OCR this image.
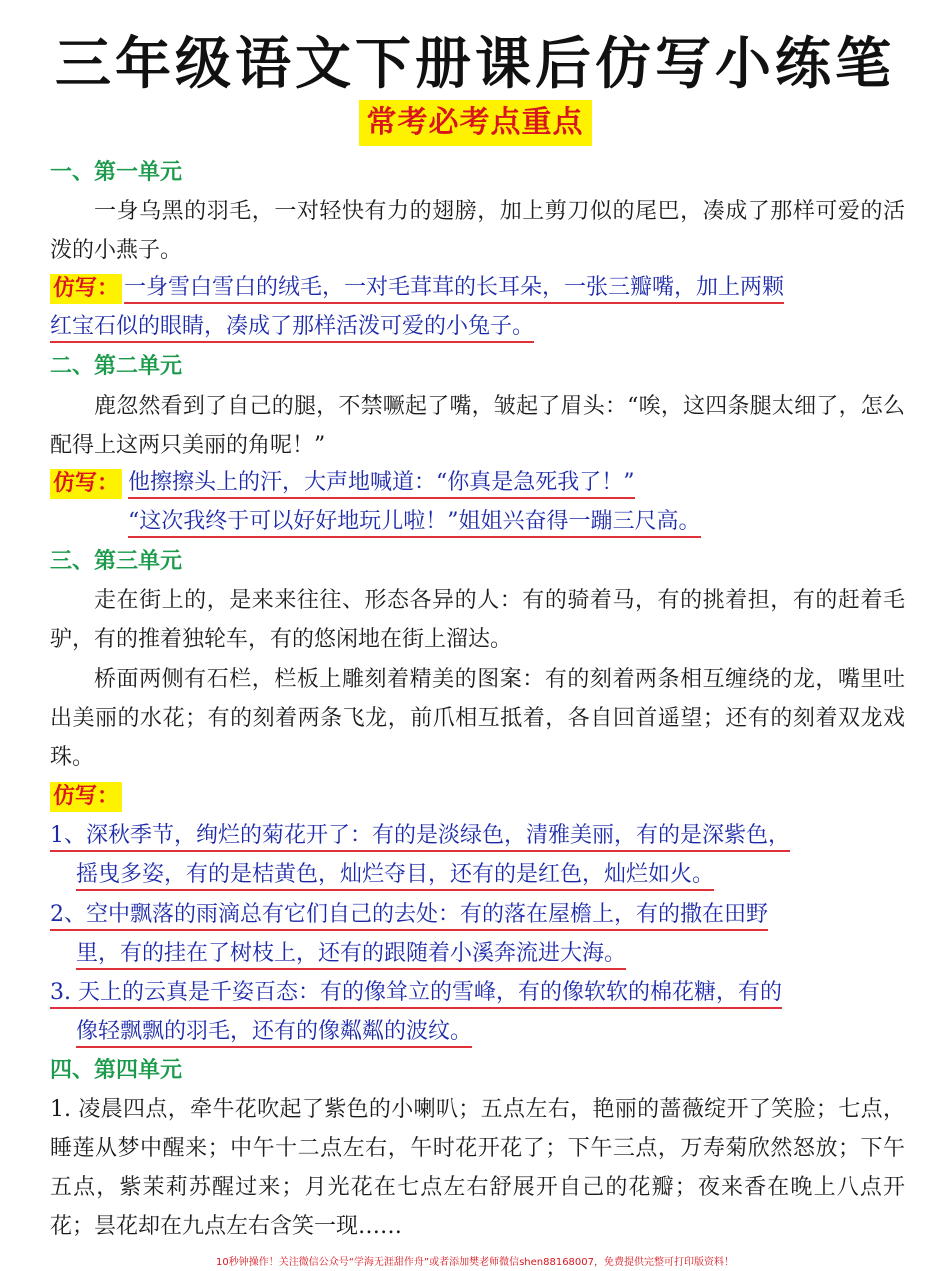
三年级语文下册课后仿写小练笔
常考必考点重点
一、第一单元
一身乌黑的羽毛，一对轻快有力的翅膀，加上剪刀似的尾巴，凑成了那样可爱的活泼的小燕子。
仿写： 一身雪白雪白的绒毛，一对毛茸茸的长耳朵，一张三瓣嘴，加上两颗
红宝石似的眼睛，凑成了那样活泼可爱的小兔子。
二、第二单元
鹿忽然看到了自己的腿，不禁噘起了嘴，皱起了眉头：“唉，这四条腿太细了，怎么配得上这两只美丽的角呢！”
仿写： 他擦擦头上的汗，大声地喊道：“你真是急死我了！”
“这次我终于可以好好地玩儿啦！”姐姐兴奋得一蹦三尺高。
三、第三单元
走在街上的，是来来往往、形态各异的人：有的骑着马，有的挑着担，有的赶着毛驴，有的推着独轮车，有的悠闲地在街上溜达。
桥面两侧有石栏，栏板上雕刻着精美的图案：有的刻着两条相互缠绕的龙，嘴里吐出美丽的水花；有的刻着两条飞龙，前爪相互抵着，各自回首遥望；还有的刻着双龙戏珠。
仿写：
1、深秋季节，绚烂的菊花开了：有的是淡绿色，清雅美丽，有的是深紫色，
摇曳多姿，有的是桔黄色，灿烂夺目，还有的是红色，灿烂如火。
2、空中飘落的雨滴总有它们自己的去处：有的落在屋檐上，有的撒在田野
里，有的挂在了树枝上，还有的跟随着小溪奔流进大海。
3. 天上的云真是千姿百态：有的像耸立的雪峰，有的像软软的棉花糖，有的
像轻飘飘的羽毛，还有的像粼粼的波纹。
四、第四单元
1. 凌晨四点，牵牛花吹起了紫色的小喇叭；五点左右，艳丽的蔷薇绽开了笑脸；七点，睡莲从梦中醒来；中午十二点左右，午时花开花了；下午三点，万寿菊欣然怒放；下午五点，紫茉莉苏醒过来；月光花在七点左右舒展开自己的花瓣；夜来香在晚上八点开花；昙花却在九点左右含笑一现……
10秒钟操作！关注微信公众号“学海无涯甜作舟”或者添加樊老师微信shen88168007，免费提供完整可打印版资料！
